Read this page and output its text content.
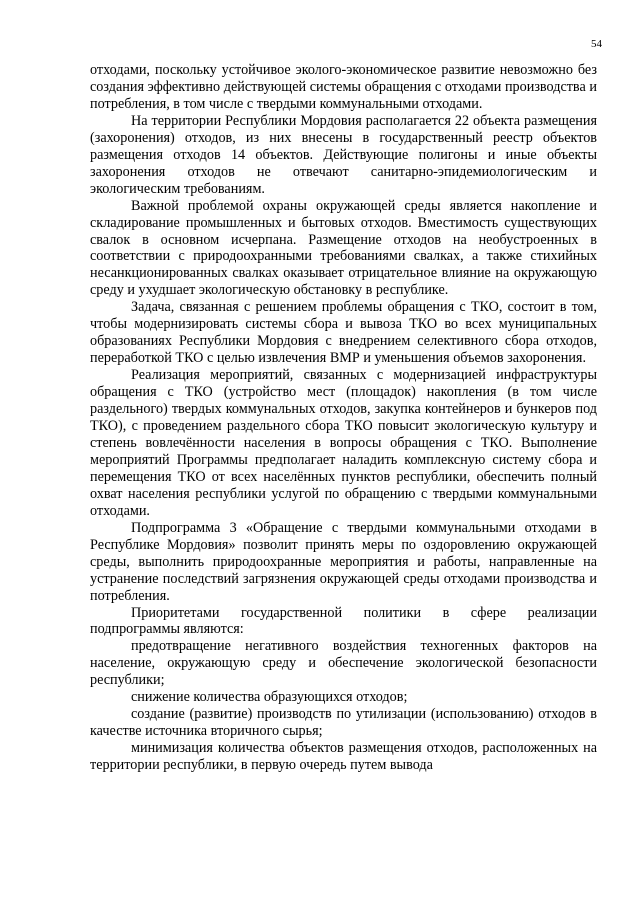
54

отходами, поскольку устойчивое эколого-экономическое развитие невозможно без создания эффективно действующей системы обращения с отходами производства и потребления, в том числе с твердыми коммунальными отходами.

На территории Республики Мордовия располагается 22 объекта размещения (захоронения) отходов, из них внесены в государственный реестр объектов размещения отходов 14 объектов. Действующие полигоны и иные объекты захоронения отходов не отвечают санитарно-эпидемиологическим и экологическим требованиям.

Важной проблемой охраны окружающей среды является накопление и складирование промышленных и бытовых отходов. Вместимость существующих свалок в основном исчерпана. Размещение отходов на необустроенных в соответствии с природоохранными требованиями свалках, а также стихийных несанкционированных свалках оказывает отрицательное влияние на окружающую среду и ухудшает экологическую обстановку в республике.

Задача, связанная с решением проблемы обращения с ТКО, состоит в том, чтобы модернизировать системы сбора и вывоза ТКО во всех муниципальных образованиях Республики Мордовия с внедрением селективного сбора отходов, переработкой ТКО с целью извлечения ВМР и уменьшения объемов захоронения.

Реализация мероприятий, связанных с модернизацией инфраструктуры обращения с ТКО (устройство мест (площадок) накопления (в том числе раздельного) твердых коммунальных отходов, закупка контейнеров и бункеров под ТКО), с проведением раздельного сбора ТКО повысит экологическую культуру и степень вовлечённости населения в вопросы обращения с ТКО. Выполнение мероприятий Программы предполагает наладить комплексную систему сбора и перемещения ТКО от всех населённых пунктов республики, обеспечить полный охват населения республики услугой по обращению с твердыми коммунальными отходами.

Подпрограмма 3 «Обращение с твердыми коммунальными отходами в Республике Мордовия» позволит принять меры по оздоровлению окружающей среды, выполнить природоохранные мероприятия и работы, направленные на устранение последствий загрязнения окружающей среды отходами производства и потребления.

Приоритетами государственной политики в сфере реализации подпрограммы являются:

предотвращение негативного воздействия техногенных факторов на население, окружающую среду и обеспечение экологической безопасности республики;

снижение количества образующихся отходов;

создание (развитие) производств по утилизации (использованию) отходов в качестве источника вторичного сырья;

минимизация количества объектов размещения отходов, расположенных на территории республики, в первую очередь путем вывода
